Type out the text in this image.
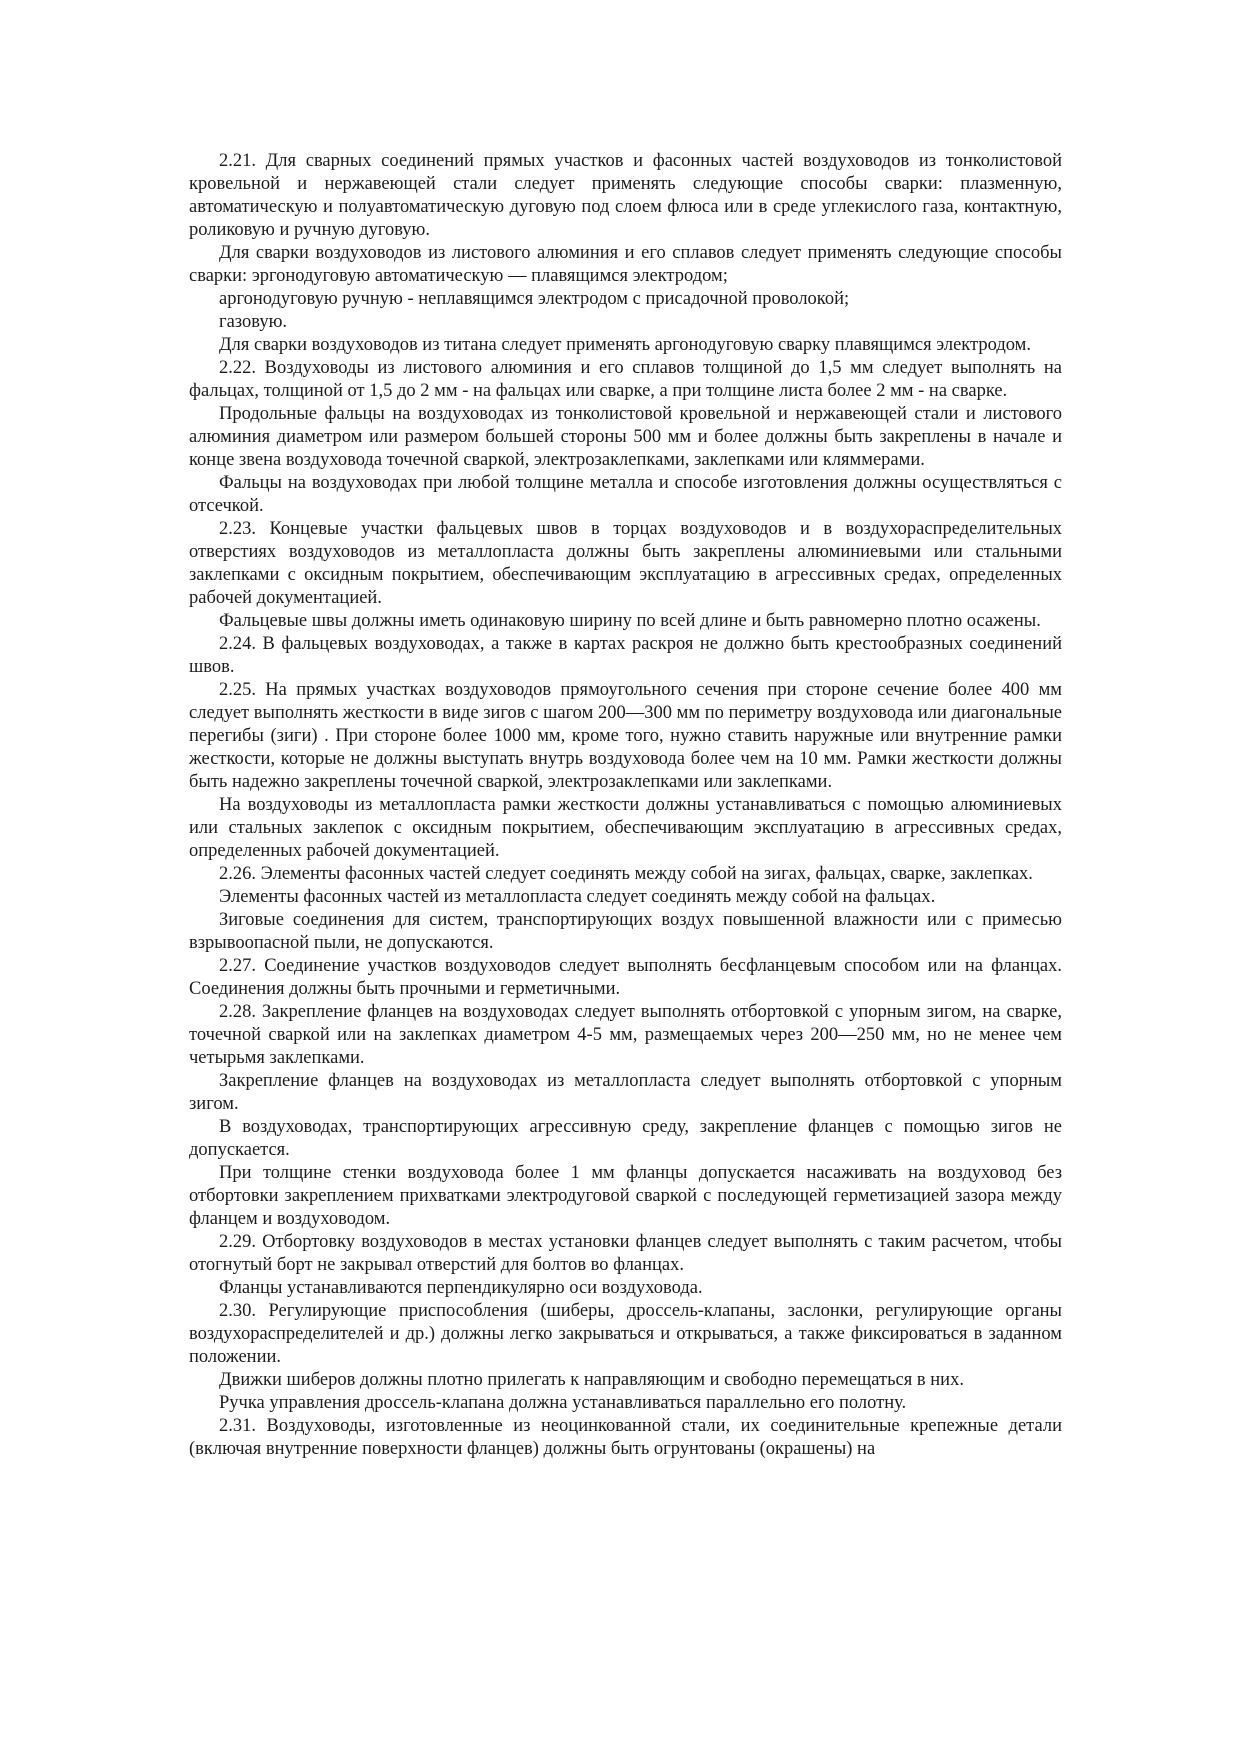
2.21. Для сварных соединений прямых участков и фасонных частей воздуховодов из тонколистовой кровельной и нержавеющей стали следует применять следующие способы сварки: плазменную, автоматическую и полуавтоматическую дуговую под слоем флюса или в среде углекислого газа, контактную, роликовую и ручную дуговую.

Для сварки воздуховодов из листового алюминия и его сплавов следует применять следующие способы сварки: эргонодуговую автоматическую — плавящимся электродом;

аргонодуговую ручную - неплавящимся электродом с присадочной проволокой;

газовую.

Для сварки воздуховодов из титана следует применять аргонодуговую сварку плавящимся электродом.

2.22. Воздуховоды из листового алюминия и его сплавов толщиной до 1,5 мм следует выполнять на фальцах, толщиной от 1,5 до 2 мм - на фальцах или сварке, а при толщине листа более 2 мм - на сварке.

Продольные фальцы на воздуховодах из тонколистовой кровельной и нержавеющей стали и листового алюминия диаметром или размером большей стороны 500 мм и более должны быть закреплены в начале и конце звена воздуховода точечной сваркой, электрозаклепками, заклепками или кляммерами.

Фальцы на воздуховодах при любой толщине металла и способе изготовления должны осуществляться с отсечкой.

2.23. Концевые участки фальцевых швов в торцах воздуховодов и в воздухораспределительных отверстиях воздуховодов из металлопласта должны быть закреплены алюминиевыми или стальными заклепками с оксидным покрытием, обеспечивающим эксплуатацию в агрессивных средах, определенных рабочей документацией.

Фальцевые швы должны иметь одинаковую ширину по всей длине и быть равномерно плотно осажены.

2.24. В фальцевых воздуховодах, а также в картах раскроя не должно быть крестообразных соединений швов.

2.25. На прямых участках воздуховодов прямоугольного сечения при стороне сечение более 400 мм следует выполнять жесткости в виде зигов с шагом 200—300 мм по периметру воздуховода или диагональные перегибы (зиги) . При стороне более 1000 мм, кроме того, нужно ставить наружные или внутренние рамки жесткости, которые не должны выступать внутрь воздуховода более чем на 10 мм. Рамки жесткости должны быть надежно закреплены точечной сваркой, электрозаклепками или заклепками.

На воздуховоды из металлопласта рамки жесткости должны устанавливаться с помощью алюминиевых или стальных заклепок с оксидным покрытием, обеспечивающим эксплуатацию в агрессивных средах, определенных рабочей документацией.

2.26. Элементы фасонных частей следует соединять между собой на зигах, фальцах, сварке, заклепках.

Элементы фасонных частей из металлопласта следует соединять между собой на фальцах.

Зиговые соединения для систем, транспортирующих воздух повышенной влажности или с примесью взрывоопасной пыли, не допускаются.

2.27. Соединение участков воздуховодов следует выполнять бесфланцевым способом или на фланцах. Соединения должны быть прочными и герметичными.

2.28. Закрепление фланцев на воздуховодах следует выполнять отбортовкой с упорным зигом, на сварке, точечной сваркой или на заклепках диаметром 4-5 мм, размещаемых через 200—250 мм, но не менее чем четырьмя заклепками.

Закрепление фланцев на воздуховодах из металлопласта следует выполнять отбортовкой с упорным зигом.

В воздуховодах, транспортирующих агрессивную среду, закрепление фланцев с помощью зигов не допускается.

При толщине стенки воздуховода более 1 мм фланцы допускается насаживать на воздуховод без отбортовки закреплением прихватками электродуговой сваркой с последующей герметизацией зазора между фланцем и воздуховодом.

2.29. Отбортовку воздуховодов в местах установки фланцев следует выполнять с таким расчетом, чтобы отогнутый борт не закрывал отверстий для болтов во фланцах.

Фланцы устанавливаются перпендикулярно оси воздуховода.

2.30. Регулирующие приспособления (шиберы, дроссель-клапаны, заслонки, регулирующие органы воздухораспределителей и др.) должны легко закрываться и открываться, а также фиксироваться в заданном положении.

Движки шиберов должны плотно прилегать к направляющим и свободно перемещаться в них.

Ручка управления дроссель-клапана должна устанавливаться параллельно его полотну.

2.31. Воздуховоды, изготовленные из неоцинкованной стали, их соединительные крепежные детали (включая внутренние поверхности фланцев) должны быть огрунтованы (окрашены) на
